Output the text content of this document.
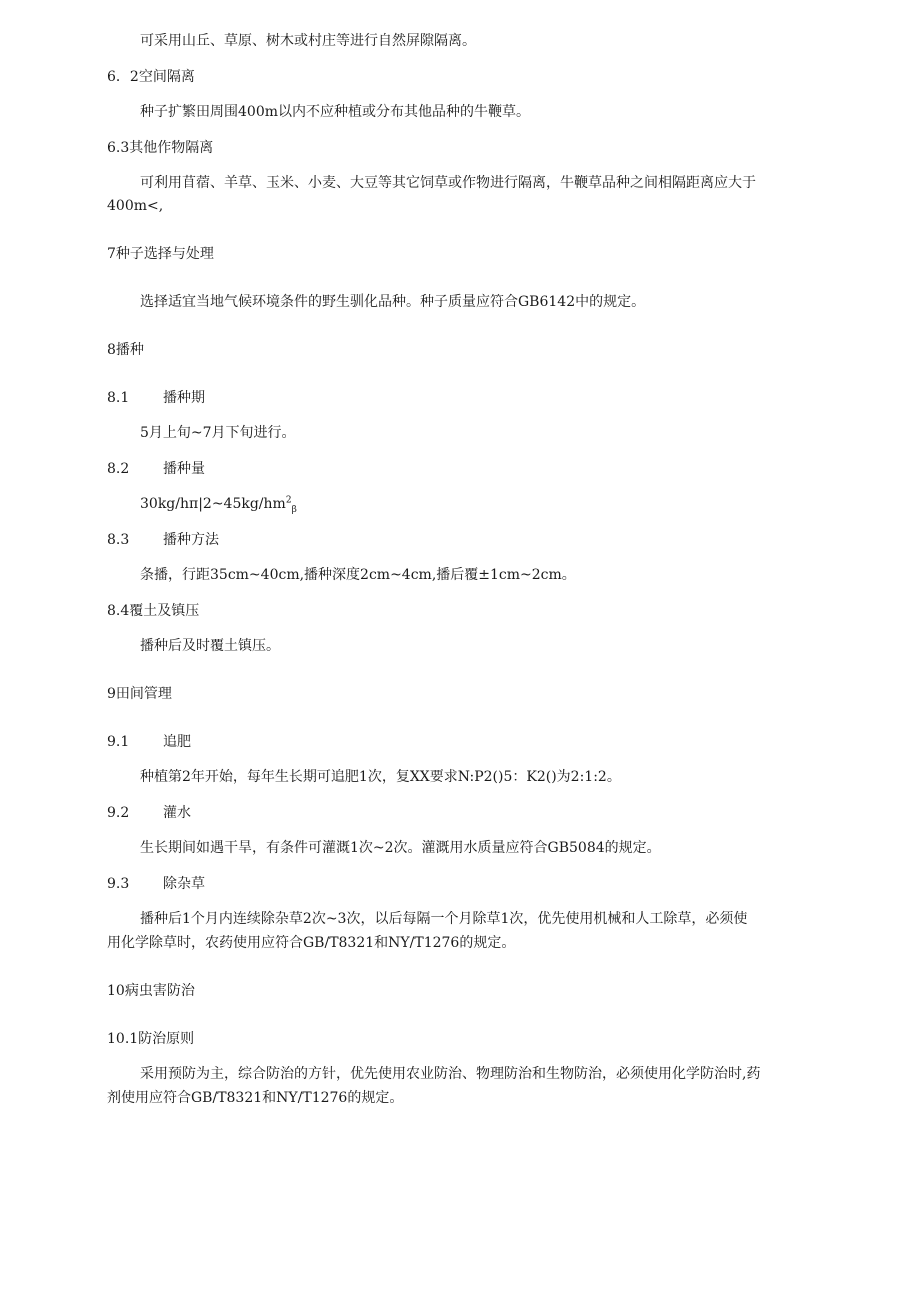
可采用山丘、草原、树木或村庄等进行自然屏隙隔离。
6．2空间隔离
种子扩繁田周围400m以内不应种植或分布其他品种的牛鞭草。
6.3其他作物隔离
可利用苜蓿、羊草、玉米、小麦、大豆等其它饲草或作物进行隔离，牛鞭草品种之间相隔距离应大于
400m<,
7种子选择与处理
选择适宜当地气候环境条件的野生驯化品种。种子质量应符合GB6142中的规定。
8播种
8.1 播种期
5月上旬~7月下旬进行。
8.2 播种量
$30kg/h\pi|2\sim 45kg/hm^2_\beta$
8.3 播种方法
条播，行距35cm~40cm,播种深度2cm~4cm,播后覆±1cm~2cm。
8.4覆土及镇压
播种后及时覆土镇压。
9田间管理
9.1 追肥
种植第2年开始，每年生长期可追肥1次，复XX要求N:P2()5：K2()为2:1:2。
9.2 灌水
生长期间如遇干旱，有条件可灌溉1次~2次。灌溉用水质量应符合GB5084的规定。
9.3 除杂草
播种后1个月内连续除杂草2次~3次，以后每隔一个月除草1次，优先使用机械和人工除草，必须使
用化学除草时，农药使用应符合GB/T8321和NY/T1276的规定。
10病虫害防治
10.1防治原则
采用预防为主，综合防治的方针，优先使用农业防治、物理防治和生物防治，必须使用化学防治时,药
剂使用应符合GB/T8321和NY/T1276的规定。
